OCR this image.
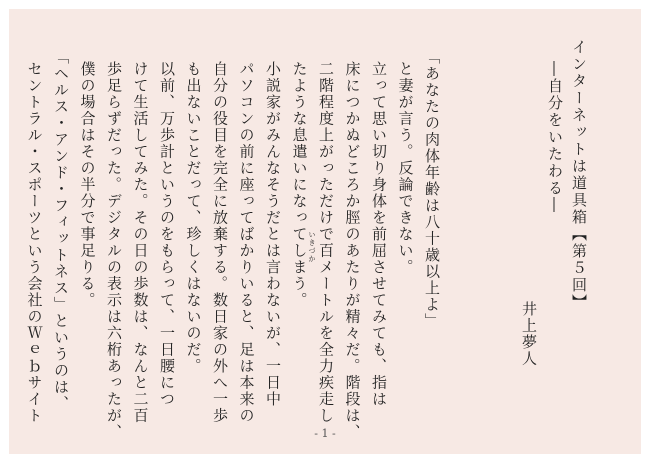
インターネットは道具箱【第５回】
―自分をいたわる―
井上夢人
「あなたの肉体年齢は八十歳以上よ」
と妻が言う。反論できない。
立って思い切り身体を前屈させてみても、指は
床につかぬどころか脛のあたりが精々だ。階段は、
二階程度上がっただけで百メートルを全力疾走し
たような息遣いになってしまう。
小説家がみんなそうだとは言わないが、一日中
パソコンの前に座ってばかりいると、足は本来の
自分の役目を完全に放棄する。数日家の外へ一歩
も出ないことだって、珍しくはないのだ。
以前、万歩計というのをもらって、一日腰につ
けて生活してみた。その日の歩数は、なんと二百
歩足らずだった。デジタルの表示は六桁あったが、
僕の場合はその半分で事足りる。
「ヘルス・アンド・フィットネス」というのは、
セントラル・スポーツという会社のＷｅｂサイト	いきづか
- 1 -
